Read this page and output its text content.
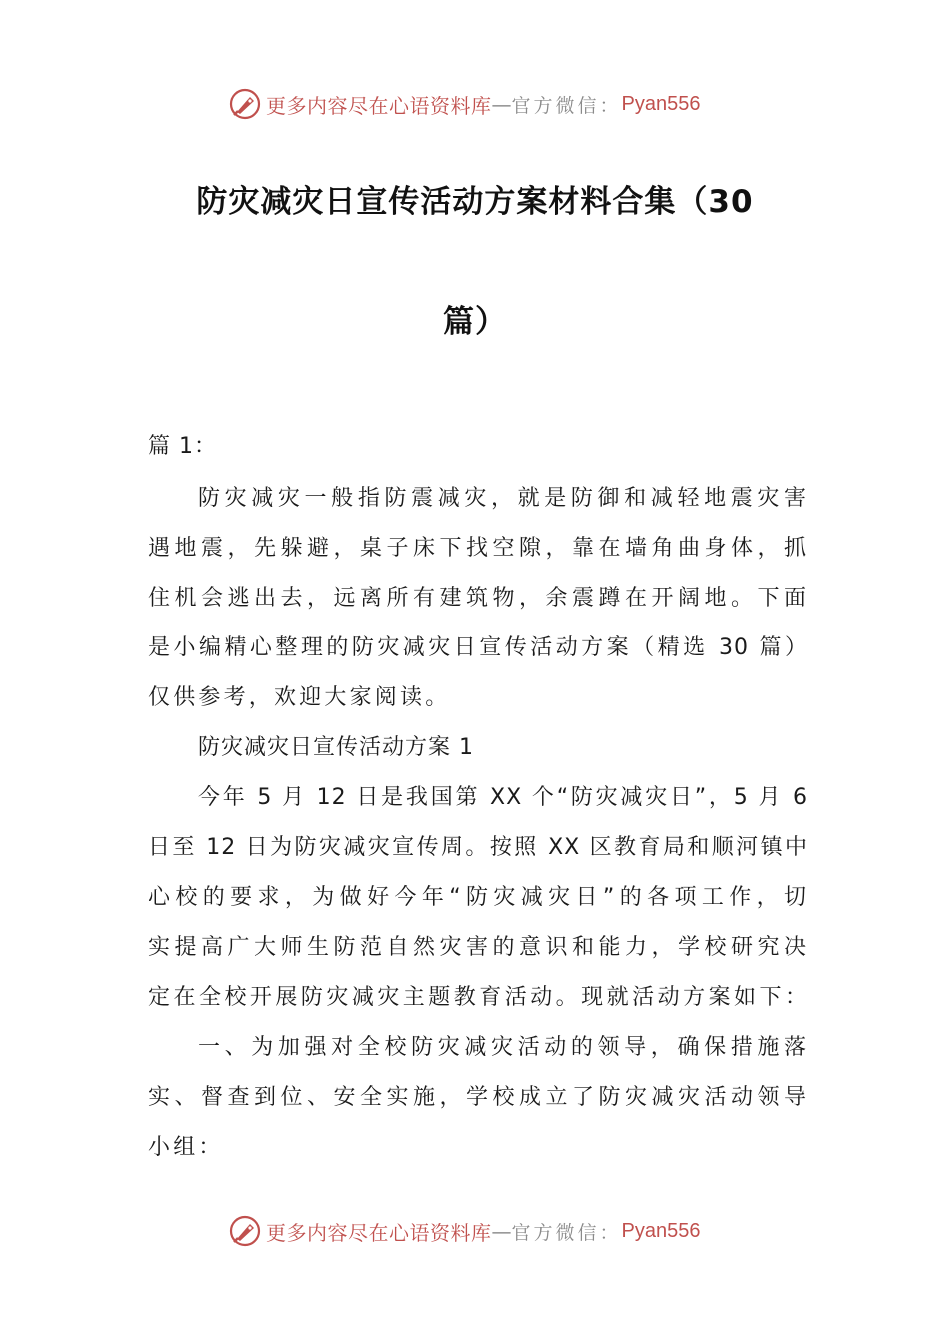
更多内容尽在心语资料库 — 官方微信： Pyan556
防灾减灾日宣传活动方案材料合集（30
篇）
篇 1：
防灾减灾一般指防震减灾，就是防御和减轻地震灾害
遇地震，先躲避，桌子床下找空隙，靠在墙角曲身体，抓
住机会逃出去，远离所有建筑物，余震蹲在开阔地。下面
是小编精心整理的防灾减灾日宣传活动方案（精选 30 篇）
仅供参考，欢迎大家阅读。
防灾减灾日宣传活动方案 1
今年 5 月 12 日是我国第 XX 个“防灾减灾日”，5 月 6
日至 12 日为防灾减灾宣传周。按照 XX 区教育局和顺河镇中
心校的要求，为做好今年“防灾减灾日”的各项工作，切
实提高广大师生防范自然灾害的意识和能力，学校研究决
定在全校开展防灾减灾主题教育活动。现就活动方案如下：
一、为加强对全校防灾减灾活动的领导，确保措施落
实、督查到位、安全实施，学校成立了防灾减灾活动领导
小组：
更多内容尽在心语资料库 — 官方微信： Pyan556
